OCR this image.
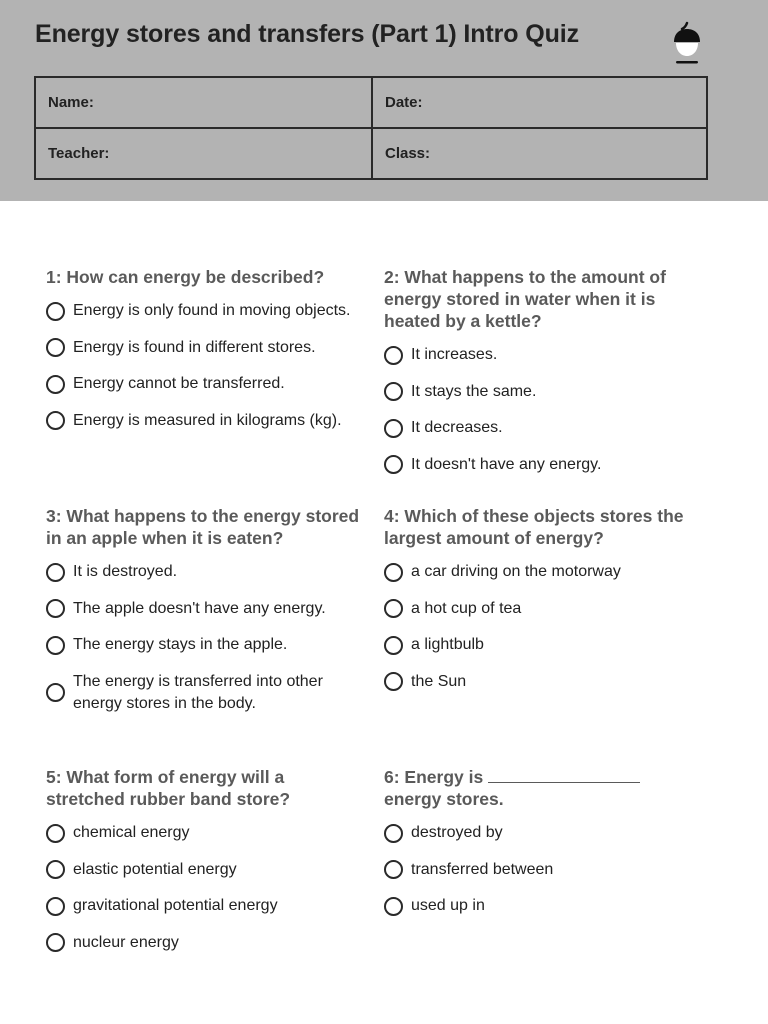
Energy stores and transfers (Part 1) Intro Quiz
Name:	Date:
Teacher:	Class:

1: How can energy be described?

Energy is only found in moving objects.
Energy is found in different stores.
Energy cannot be transferred.
Energy is measured in kilograms (kg).

2: What happens to the amount of energy stored in water when it is heated by a kettle?

It increases.
It stays the same.
It decreases.
It doesn't have any energy.

3: What happens to the energy stored in an apple when it is eaten?

It is destroyed.
The apple doesn't have any energy.
The energy stays in the apple.
The energy is transferred into other energy stores in the body.

4: Which of these objects stores the largest amount of energy?

a car driving on the motorway
a hot cup of tea
a lightbulb
the Sun

5: What form of energy will a stretched rubber band store?

chemical energy
elastic potential energy
gravitational potential energy
nucleur energy

6: Energy is
energy stores.

destroyed by
transferred between
used up in
